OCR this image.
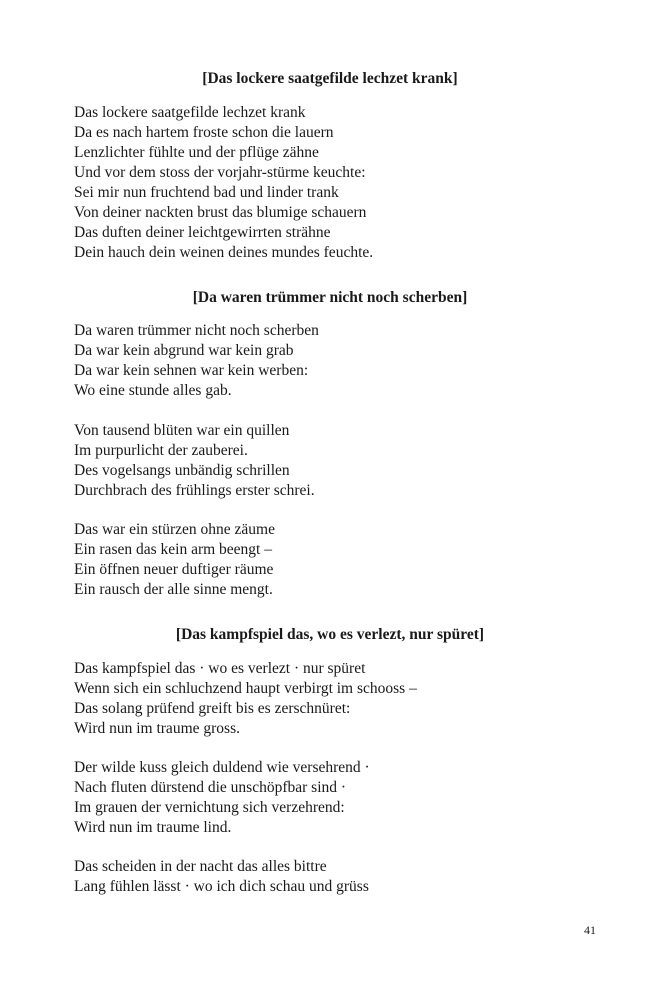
[Das lockere saatgefilde lechzet krank]
Das lockere saatgefilde lechzet krank
Da es nach hartem froste schon die lauern
Lenzlichter fühlte und der pflüge zähne
Und vor dem stoss der vorjahr-stürme keuchte:
Sei mir nun fruchtend bad und linder trank
Von deiner nackten brust das blumige schauern
Das duften deiner leichtgewirrten strähne
Dein hauch dein weinen deines mundes feuchte.
[Da waren trümmer nicht noch scherben]
Da waren trümmer nicht noch scherben
Da war kein abgrund war kein grab
Da war kein sehnen war kein werben:
Wo eine stunde alles gab.
Von tausend blüten war ein quillen
Im purpurlicht der zauberei.
Des vogelsangs unbändig schrillen
Durchbrach des frühlings erster schrei.
Das war ein stürzen ohne zäume
Ein rasen das kein arm beengt –
Ein öffnen neuer duftiger räume
Ein rausch der alle sinne mengt.
[Das kampfspiel das, wo es verlezt, nur spüret]
Das kampfspiel das · wo es verlezt · nur spüret
Wenn sich ein schluchzend haupt verbirgt im schooss –
Das solang prüfend greift bis es zerschnüret:
Wird nun im traume gross.
Der wilde kuss gleich duldend wie versehrend ·
Nach fluten dürstend die unschöpfbar sind ·
Im grauen der vernichtung sich verzehrend:
Wird nun im traume lind.
Das scheiden in der nacht das alles bittre
Lang fühlen lässt · wo ich dich schau und grüss
41
